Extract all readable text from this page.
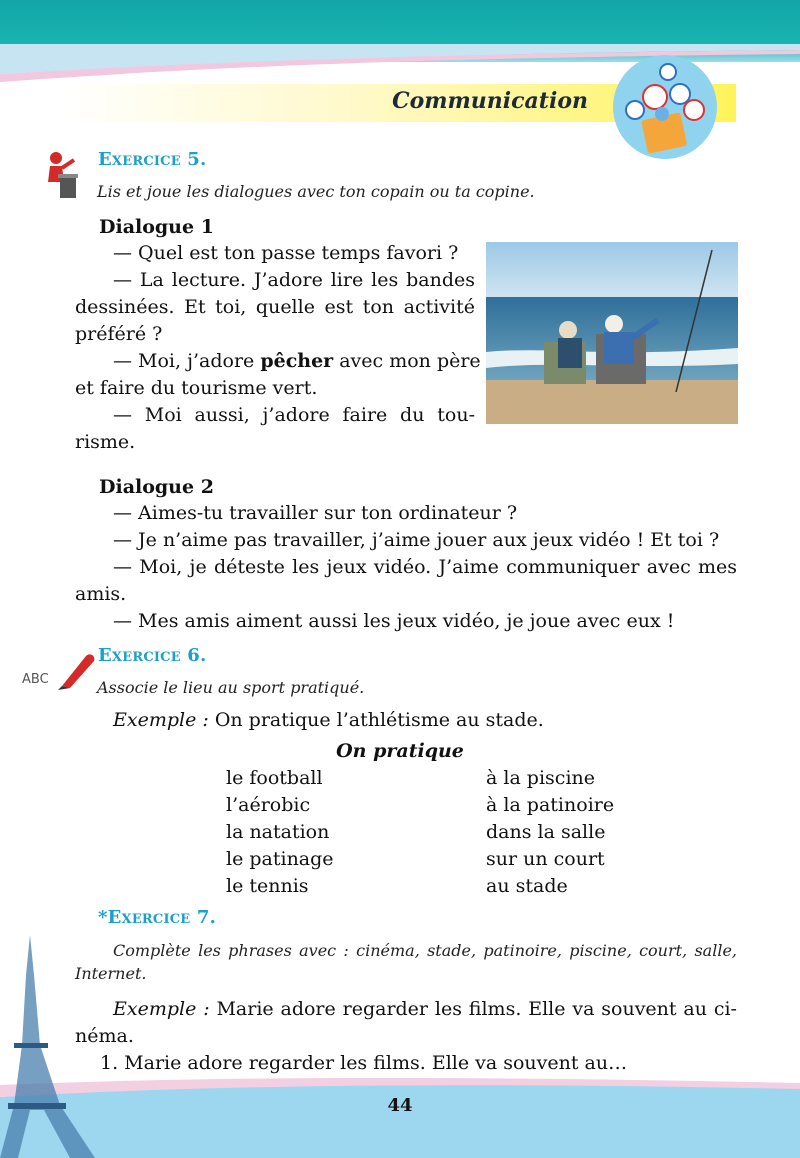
Communication
Exercice 5.
Lis et joue les dialogues avec ton copain ou ta copine.
Dialogue 1
— Quel est ton passe temps favori ?
— La lecture. J’adore lire les bandes
dessinées. Et toi, quelle est ton activité
préféré ?
— Moi, j’adore pêcher avec mon père
et faire du tourisme vert.
— Moi aussi, j’adore faire du tou-
risme.
Dialogue 2
— Aimes-tu travailler sur ton ordinateur ?
— Je n’aime pas travailler, j’aime jouer aux jeux vidéo ! Et toi ?
— Moi, je déteste les jeux vidéo. J’aime communiquer avec mes
amis.
— Mes amis aiment aussi les jeux vidéo, je joue avec eux !
Exercice 6.
ABC	Associe le lieu au sport pratiqué.
Exemple : On pratique l’athlétisme au stade.
On pratique
le football
l’aérobic
la natation
le patinage
le tennis
à la piscine
à la patinoire
dans la salle
sur un court
au stade
*Exercice 7.
Complète les phrases avec : cinéma, stade, patinoire, piscine, court, salle,
Internet.
Exemple : Marie adore regarder les films. Elle va souvent au ci-
néma.
1. Marie adore regarder les films. Elle va souvent au…
44
